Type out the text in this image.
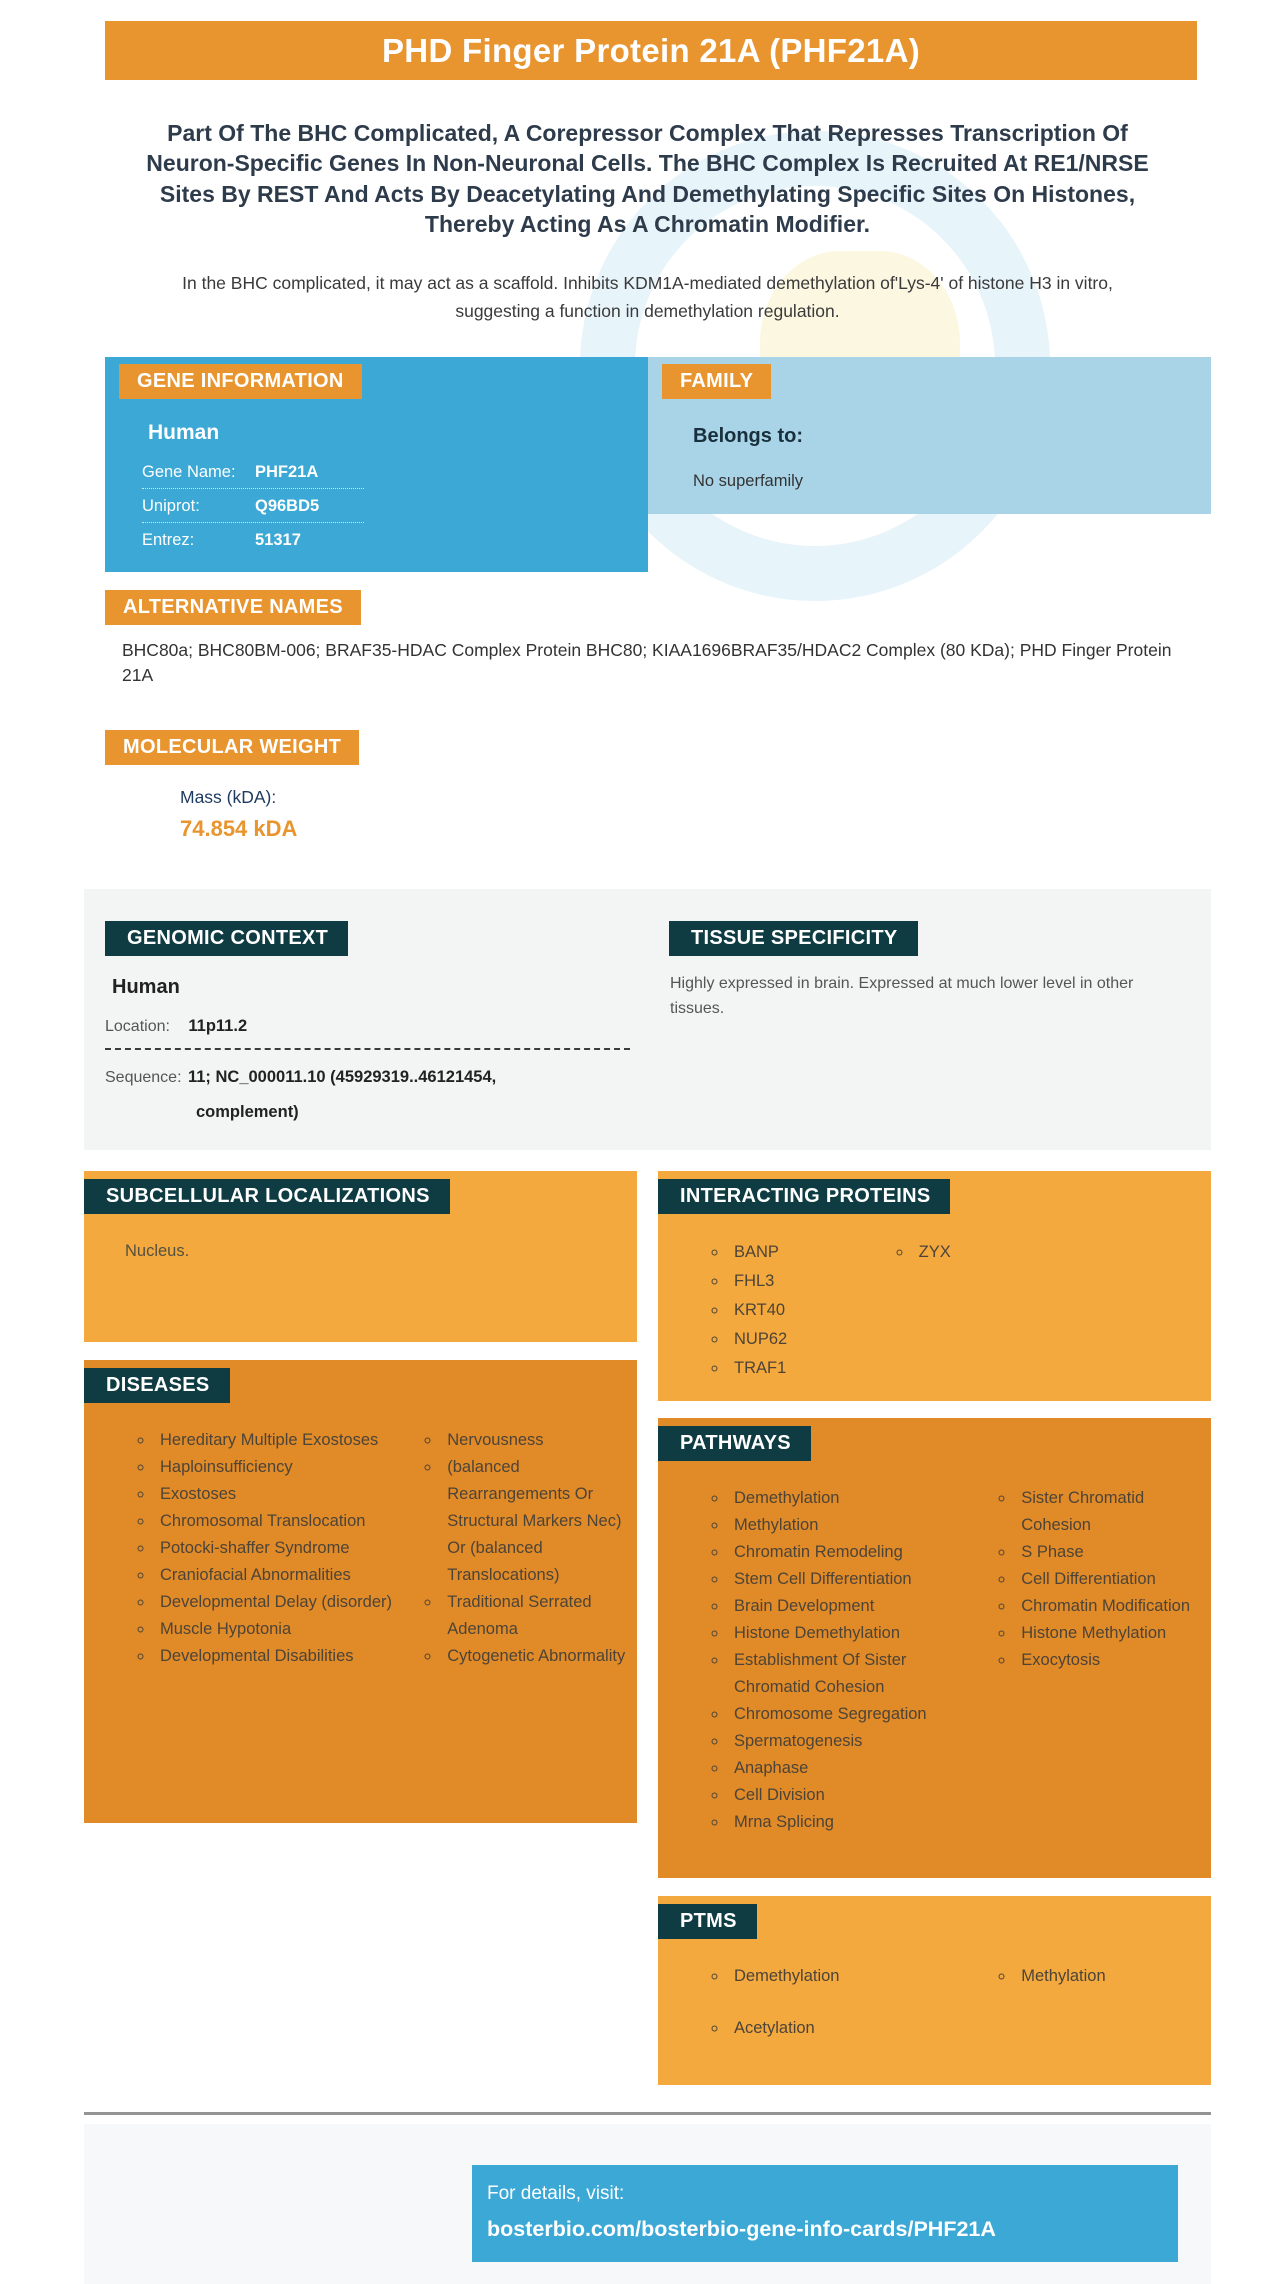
PHD Finger Protein 21A (PHF21A)

Part Of The BHC Complicated, A Corepressor Complex That Represses Transcription Of Neuron-Specific Genes In Non-Neuronal Cells. The BHC Complex Is Recruited At RE1/NRSE Sites By REST And Acts By Deacetylating And Demethylating Specific Sites On Histones, Thereby Acting As A Chromatin Modifier.

In the BHC complicated, it may act as a scaffold. Inhibits KDM1A-mediated demethylation of'Lys-4' of histone H3 in vitro, suggesting a function in demethylation regulation.

GENE INFORMATION
Human
Gene Name:	PHF21A
Uniprot:	Q96BD5
Entrez:	51317
FAMILY
Belongs to:
No superfamily
ALTERNATIVE NAMES

BHC80a; BHC80BM-006; BRAF35-HDAC Complex Protein BHC80; KIAA1696BRAF35/HDAC2 Complex (80 KDa); PHD Finger Protein 21A

MOLECULAR WEIGHT
Mass (kDA):
74.854 kDA
GENOMIC CONTEXT
Human
Location: 11p11.2
Sequence: 11; NC_000011.10 (45929319..46121454,
complement)
TISSUE SPECIFICITY

Highly expressed in brain. Expressed at much lower level in other tissues.

SUBCELLULAR LOCALIZATIONS
Nucleus.
DISEASES
◦ Hereditary Multiple Exostoses
◦ Haploinsufficiency
◦ Exostoses
◦ Chromosomal Translocation
◦ Potocki-shaffer Syndrome
◦ Craniofacial Abnormalities
◦ Developmental Delay (disorder)
◦ Muscle Hypotonia
◦ Developmental Disabilities
◦ Nervousness
◦ (balanced Rearrangements Or Structural Markers Nec) Or (balanced Translocations)
◦ Traditional Serrated Adenoma
◦ Cytogenetic Abnormality
INTERACTING PROTEINS
◦ BANP
◦ FHL3
◦ KRT40
◦ NUP62
◦ TRAF1
◦ ZYX
PATHWAYS
◦ Demethylation
◦ Methylation
◦ Chromatin Remodeling
◦ Stem Cell Differentiation
◦ Brain Development
◦ Histone Demethylation
◦ Establishment Of Sister Chromatid Cohesion
◦ Chromosome Segregation
◦ Spermatogenesis
◦ Anaphase
◦ Cell Division
◦ Mrna Splicing
◦ Sister Chromatid Cohesion
◦ S Phase
◦ Cell Differentiation
◦ Chromatin Modification
◦ Histone Methylation
◦ Exocytosis
PTMS
◦ Demethylation
◦ Acetylation
◦ Methylation
For details, visit:
bosterbio.com/bosterbio-gene-info-cards/PHF21A
